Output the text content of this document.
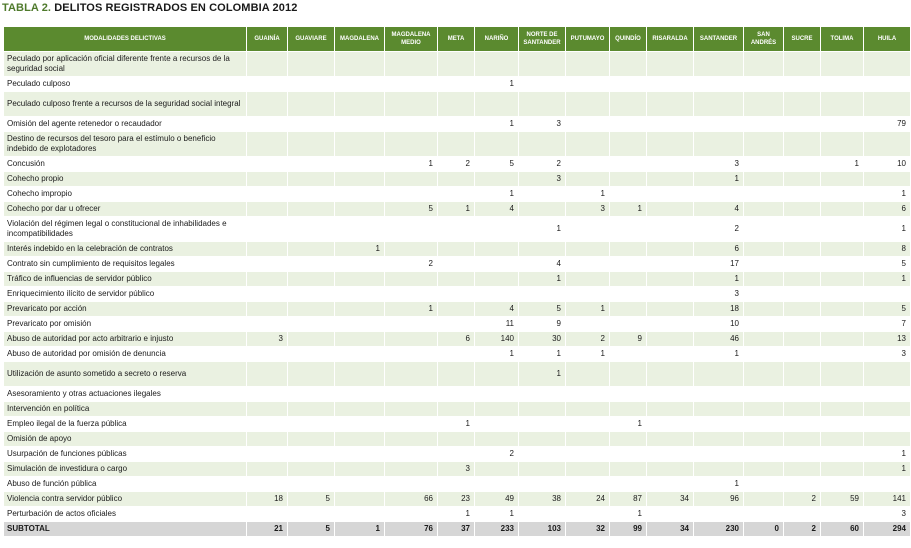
TABLA 2. DELITOS REGISTRADOS EN COLOMBIA 2012
MODALIDADES DELICTIVAS	GUAINÍA	GUAVIARE	MAGDALENA	MAGDALENA MEDIO	META	NARIÑO	NORTE DE SANTANDER	PUTUMAYO	QUINDÍO	RISARALDA	SANTANDER	SAN ANDRÉS	SUCRE	TOLIMA	HUILA
Peculado por aplicación oficial diferente frente a recursos de la seguridad social															
Peculado culposo						1									
Peculado culposo frente a recursos de la seguridad social integral															
Omisión del agente retenedor o recaudador						1	3								79
Destino de recursos del tesoro para el estímulo o beneficio indebido de explotadores															
Concusión				1	2	5	2				3			1	10
Cohecho propio							3				1				
Cohecho impropio						1		1							1
Cohecho por dar u ofrecer				5	1	4		3	1		4				6
Violación del régimen legal o constitucional de inhabilidades e incompatibilidades							1				2				1
Interés indebido en la celebración de contratos			1								6				8
Contrato sin cumplimiento de requisitos legales				2			4				17				5
Tráfico de influencias de servidor público							1				1				1
Enriquecimiento ilícito de servidor público											3				
Prevaricato por acción				1		4	5	1			18				5
Prevaricato por omisión						11	9				10				7
Abuso de autoridad por acto arbitrario e injusto	3				6	140	30	2	9		46				13
Abuso de autoridad por omisión de denuncia						1	1	1			1				3
Utilización de asunto sometido a secreto o reserva							1								
Asesoramiento y otras actuaciones ilegales															
Intervención en política															
Empleo ilegal de la fuerza pública					1				1						
Omisión de apoyo															
Usurpación de funciones públicas						2									1
Simulación de investidura o cargo					3										1
Abuso de función pública											1				
Violencia contra servidor público	18	5		66	23	49	38	24	87	34	96		2	59	141
Perturbación de actos oficiales					1	1			1						3
SUBTOTAL	21	5	1	76	37	233	103	32	99	34	230	0	2	60	294
